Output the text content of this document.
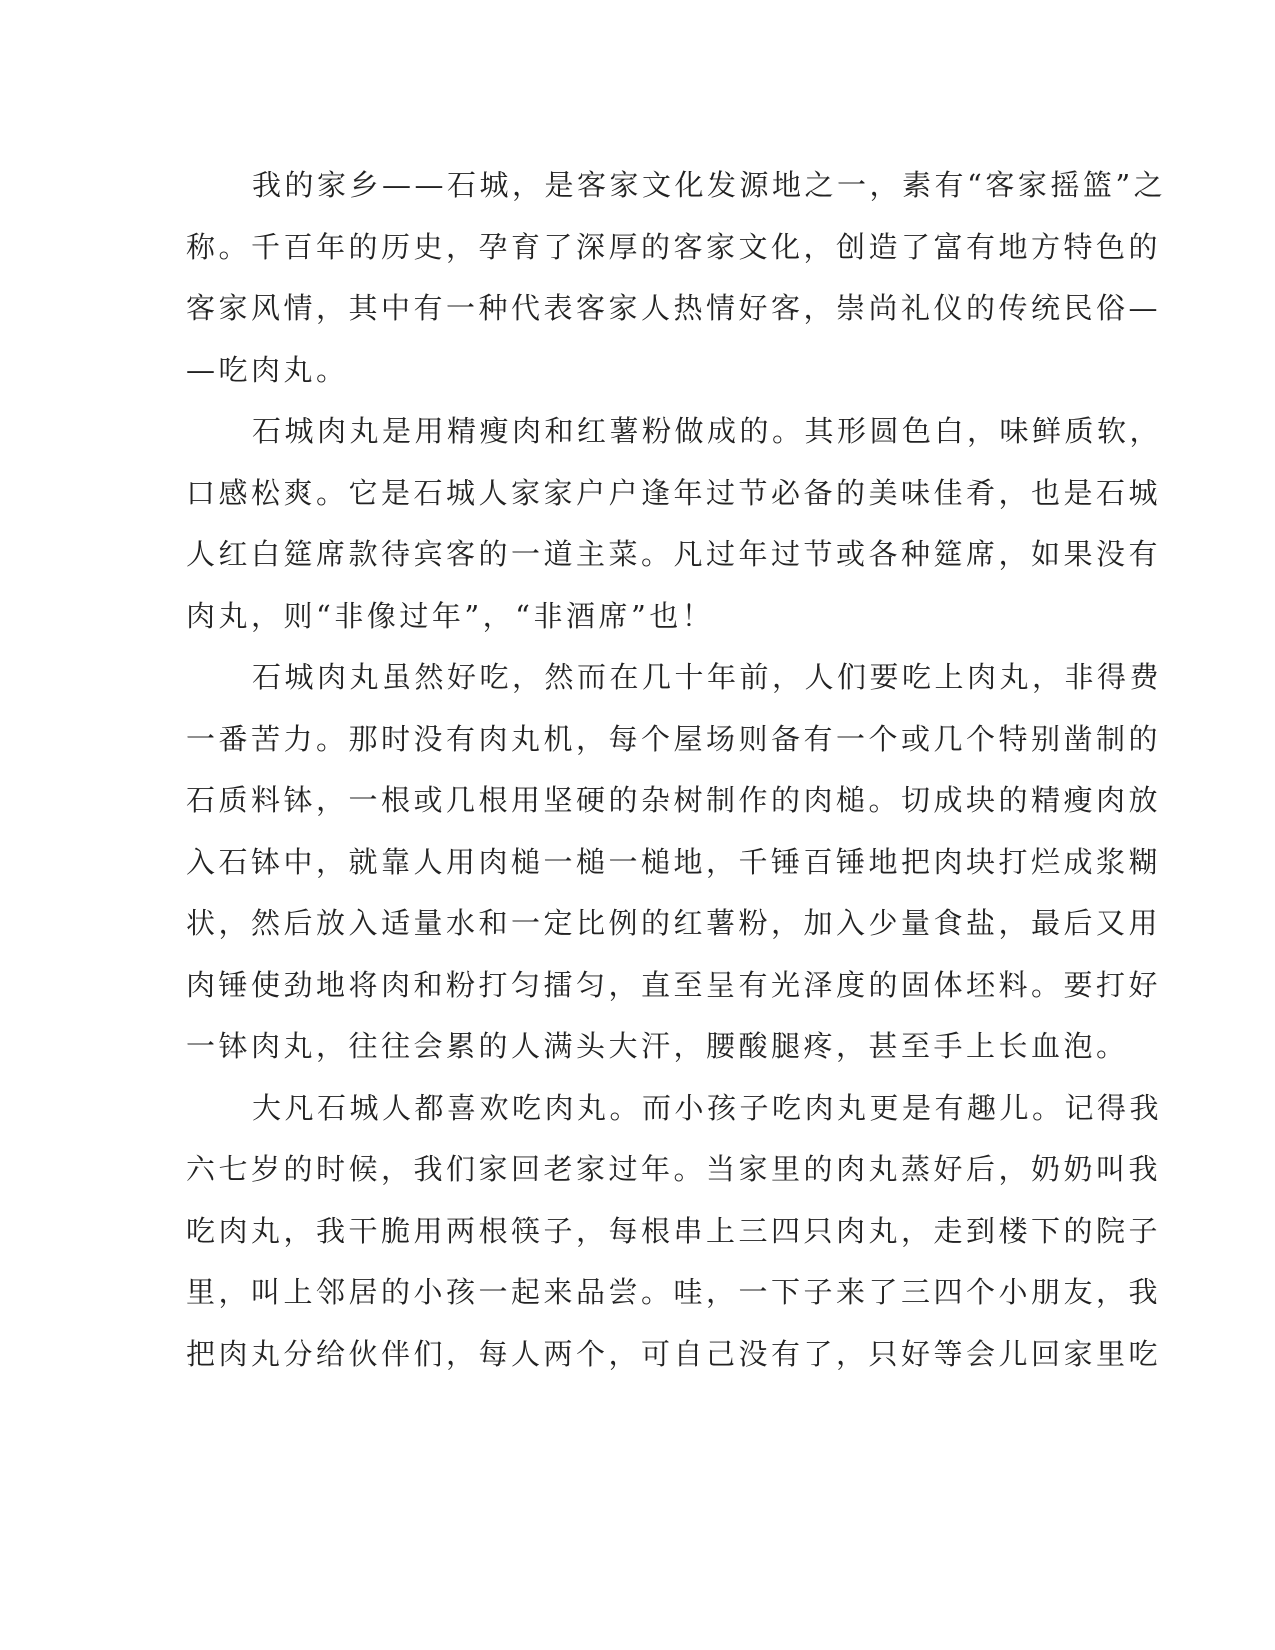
我的家乡——石城，是客家文化发源地之一，素有“客家摇篮”之
称。千百年的历史，孕育了深厚的客家文化，创造了富有地方特色的
客家风情，其中有一种代表客家人热情好客，崇尚礼仪的传统民俗—
—吃肉丸。
石城肉丸是用精瘦肉和红薯粉做成的。其形圆色白，味鲜质软，
口感松爽。它是石城人家家户户逢年过节必备的美味佳肴，也是石城
人红白筵席款待宾客的一道主菜。凡过年过节或各种筵席，如果没有
肉丸，则“非像过年”，“非酒席”也！
石城肉丸虽然好吃，然而在几十年前，人们要吃上肉丸，非得费
一番苦力。那时没有肉丸机，每个屋场则备有一个或几个特别凿制的
石质料钵，一根或几根用坚硬的杂树制作的肉槌。切成块的精瘦肉放
入石钵中，就靠人用肉槌一槌一槌地，千锤百锤地把肉块打烂成浆糊
状，然后放入适量水和一定比例的红薯粉，加入少量食盐，最后又用
肉锤使劲地将肉和粉打匀擂匀，直至呈有光泽度的固体坯料。要打好
一钵肉丸，往往会累的人满头大汗，腰酸腿疼，甚至手上长血泡。
大凡石城人都喜欢吃肉丸。而小孩子吃肉丸更是有趣儿。记得我
六七岁的时候，我们家回老家过年。当家里的肉丸蒸好后，奶奶叫我
吃肉丸，我干脆用两根筷子，每根串上三四只肉丸，走到楼下的院子
里，叫上邻居的小孩一起来品尝。哇，一下子来了三四个小朋友，我
把肉丸分给伙伴们，每人两个，可自己没有了，只好等会儿回家里吃
